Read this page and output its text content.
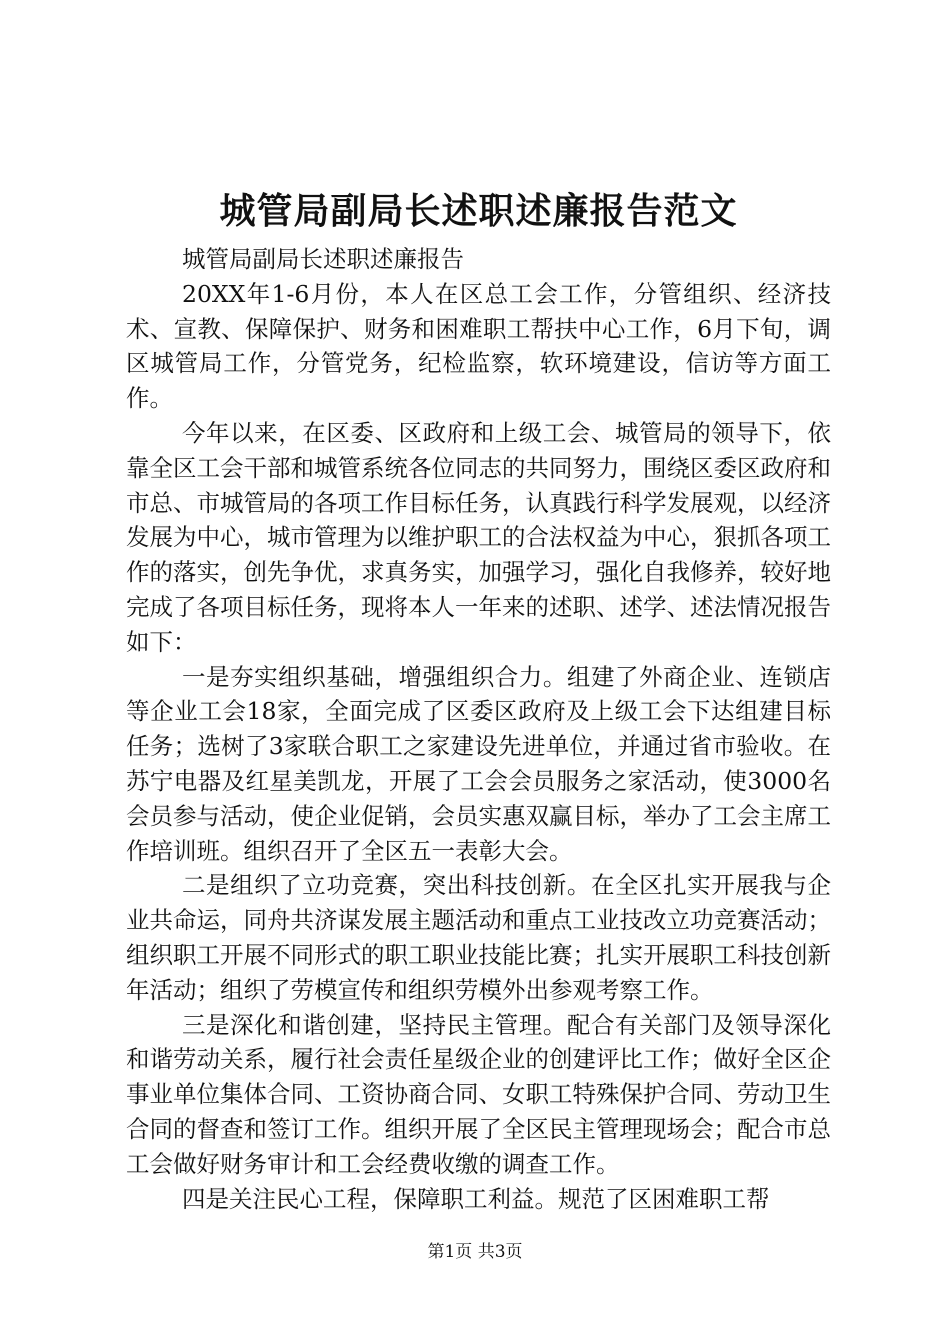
城管局副局长述职述廉报告范文

城管局副局长述职述廉报告

20XX年1-6月份，本人在区总工会工作，分管组织、经济技术、宣教、保障保护、财务和困难职工帮扶中心工作，6月下旬，调区城管局工作，分管党务，纪检监察，软环境建设，信访等方面工作。

今年以来，在区委、区政府和上级工会、城管局的领导下，依靠全区工会干部和城管系统各位同志的共同努力，围绕区委区政府和市总、市城管局的各项工作目标任务，认真践行科学发展观，以经济发展为中心，城市管理为以维护职工的合法权益为中心，狠抓各项工作的落实，创先争优，求真务实，加强学习，强化自我修养，较好地完成了各项目标任务，现将本人一年来的述职、述学、述法情况报告如下：

一是夯实组织基础，增强组织合力。组建了外商企业、连锁店等企业工会18家，全面完成了区委区政府及上级工会下达组建目标任务；选树了3家联合职工之家建设先进单位，并通过省市验收。在苏宁电器及红星美凯龙，开展了工会会员服务之家活动，使3000名会员参与活动，使企业促销，会员实惠双赢目标，举办了工会主席工作培训班。组织召开了全区五一表彰大会。

二是组织了立功竞赛，突出科技创新。在全区扎实开展我与企业共命运，同舟共济谋发展主题活动和重点工业技改立功竞赛活动；组织职工开展不同形式的职工职业技能比赛；扎实开展职工科技创新年活动；组织了劳模宣传和组织劳模外出参观考察工作。

三是深化和谐创建，坚持民主管理。配合有关部门及领导深化和谐劳动关系，履行社会责任星级企业的创建评比工作；做好全区企事业单位集体合同、工资协商合同、女职工特殊保护合同、劳动卫生合同的督查和签订工作。组织开展了全区民主管理现场会；配合市总工会做好财务审计和工会经费收缴的调查工作。

四是关注民心工程，保障职工利益。规范了区困难职工帮

第1页 共3页
